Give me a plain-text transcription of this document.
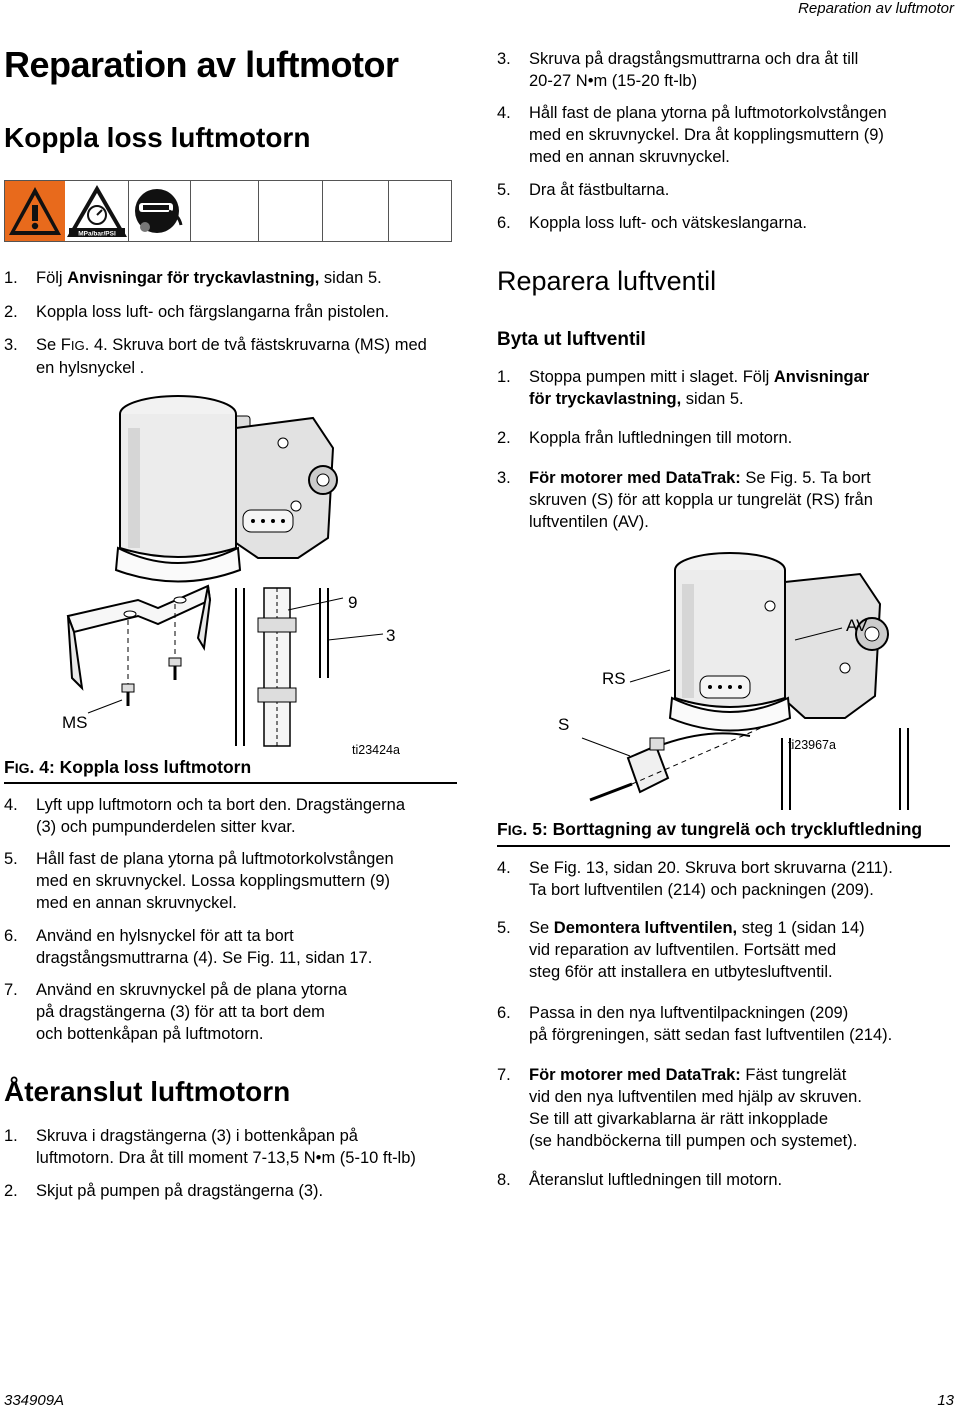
Reparation av luftmotor
Reparation av luftmotor
Koppla loss luftmotorn
MPa/bar/PSI
1. Följ Anvisningar för tryckavlastning, sidan 5.
2. Koppla loss luft- och färgslangarna från pistolen.
3. Se FIG. 4. Skruva bort de två fästskruvarna (MS) med
en hylsnyckel .
9
3
MS
ti23424a
FIG. 4: Koppla loss luftmotorn
4. Lyft upp luftmotorn och ta bort den. Dragstängerna
(3) och pumpunderdelen sitter kvar.
5. Håll fast de plana ytorna på luftmotorkolvstången
med en skruvnyckel. Lossa kopplingsmuttern (9)
med en annan skruvnyckel.
6. Använd en hylsnyckel för att ta bort
dragstångsmuttrarna (4). Se Fig. 11, sidan 17.
7. Använd en skruvnyckel på de plana ytorna
på dragstängerna (3) för att ta bort dem
och bottenkåpan på luftmotorn.
Återanslut luftmotorn
1. Skruva i dragstängerna (3) i bottenkåpan på
luftmotorn. Dra åt till moment 7-13,5 N•m (5-10 ft-lb)
2. Skjut på pumpen på dragstängerna (3).
3. Skruva på dragstångsmuttrarna och dra åt till
20-27 N•m (15-20 ft-lb)
4. Håll fast de plana ytorna på luftmotorkolvstången
med en skruvnyckel. Dra åt kopplingsmuttern (9)
med en annan skruvnyckel.
5. Dra åt fästbultarna.
6. Koppla loss luft- och vätskeslangarna.
Reparera luftventil
Byta ut luftventil
1. Stoppa pumpen mitt i slaget. Följ Anvisningar
för tryckavlastning, sidan 5.
2. Koppla från luftledningen till motorn.
3. För motorer med DataTrak: Se Fig. 5. Ta bort
skruven (S) för att koppla ur tungrelät (RS) från
luftventilen (AV).
AV
RS
S
ti23967a
FIG. 5: Borttagning av tungrelä och tryckluftledning
4. Se Fig. 13, sidan 20. Skruva bort skruvarna (211).
Ta bort luftventilen (214) och packningen (209).
5. Se Demontera luftventilen, steg 1 (sidan 14)
vid reparation av luftventilen. Fortsätt med
steg 6för att installera en utbytesluftventil.
6. Passa in den nya luftventilpackningen (209)
på förgreningen, sätt sedan fast luftventilen (214).
7. För motorer med DataTrak: Fäst tungrelät
vid den nya luftventilen med hjälp av skruven.
Se till att givarkablarna är rätt inkopplade
(se handböckerna till pumpen och systemet).
8. Återanslut luftledningen till motorn.
334909A	13
